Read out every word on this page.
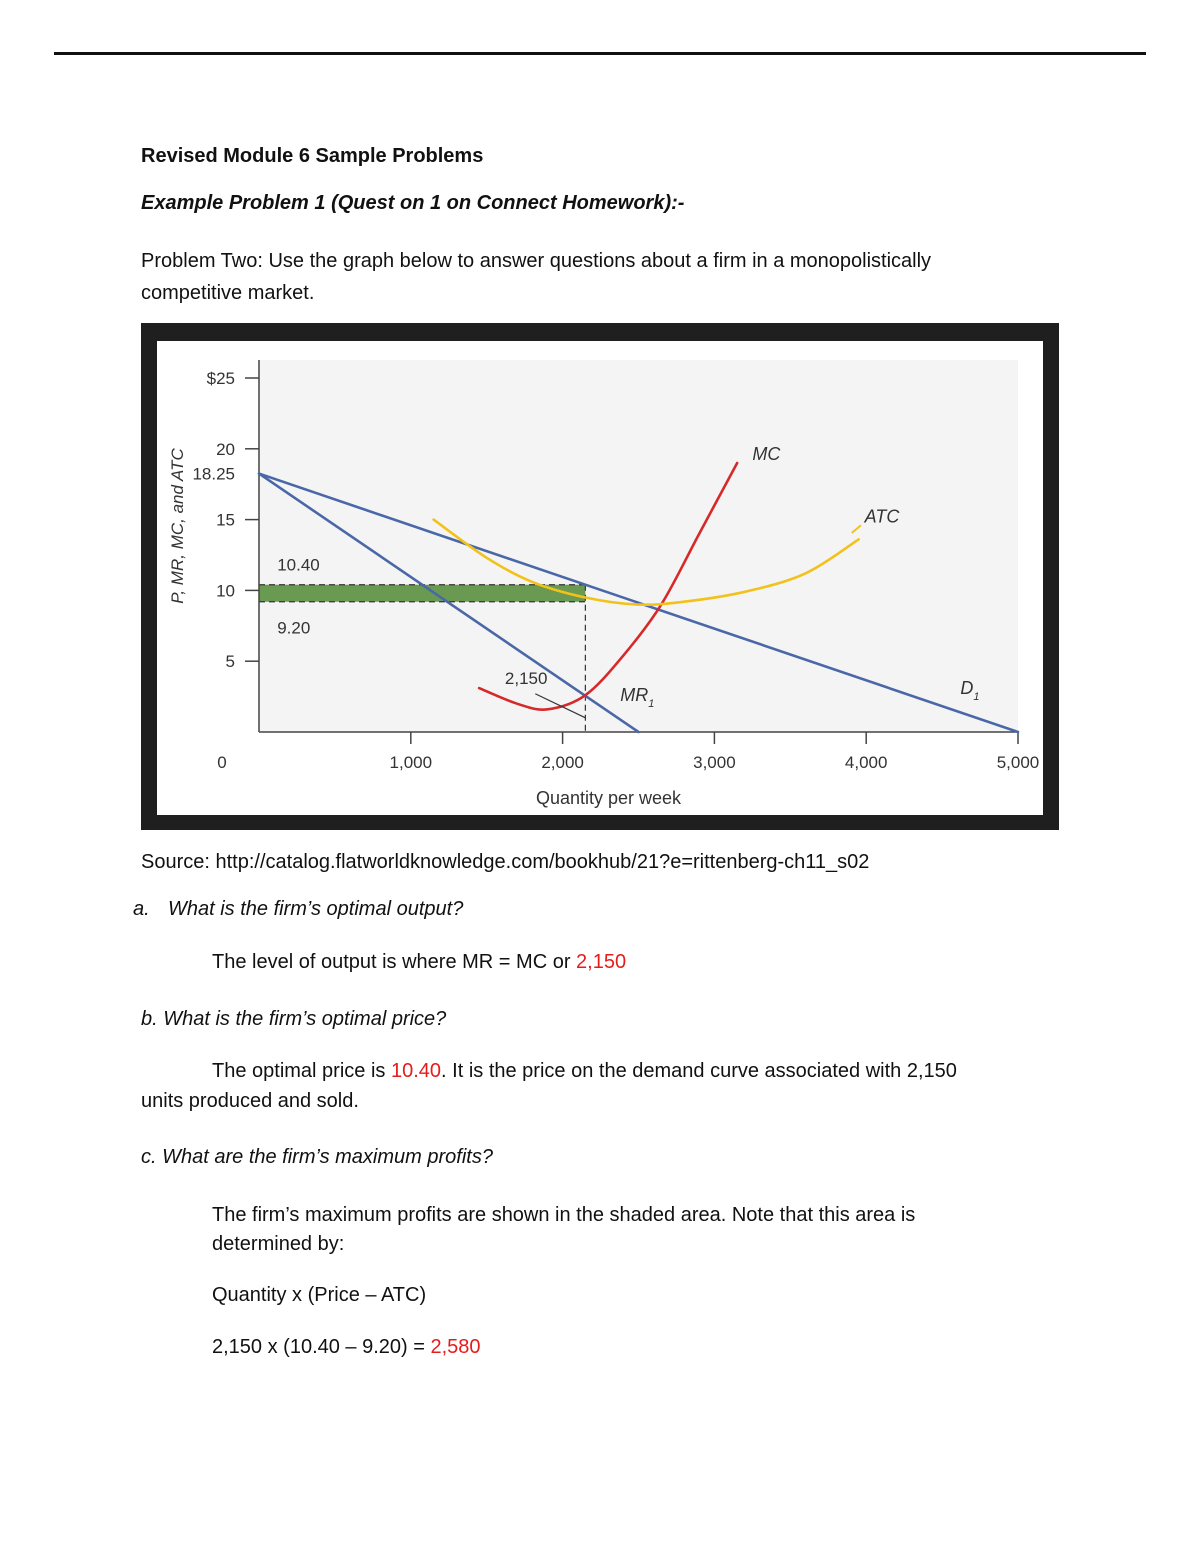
Revised Module 6 Sample Problems
Example Problem 1 (Quest on 1 on Connect Homework):-
Problem Two: Use the graph below to answer questions about a firm in a monopolistically
competitive market.
$25
20
15
10
5
18.25
0	1,000	2,000	3,000	4,000	5,000
Quantity per week
P, MR, MC, and ATC	MC
ATC
$MR_1$
$D_1$
10.40
9.20
2,150
Source: http://catalog.flatworldknowledge.com/bookhub/21?e=rittenberg-ch11_s02
a. What is the firm’s optimal output?
The level of output is where MR = MC or 2,150
b. What is the firm’s optimal price?
The optimal price is 10.40. It is the price on the demand curve associated with 2,150
units produced and sold.
c. What are the firm’s maximum profits?
The firm’s maximum profits are shown in the shaded area. Note that this area is
determined by:
Quantity x (Price – ATC)
2,150 x (10.40 – 9.20) = 2,580
